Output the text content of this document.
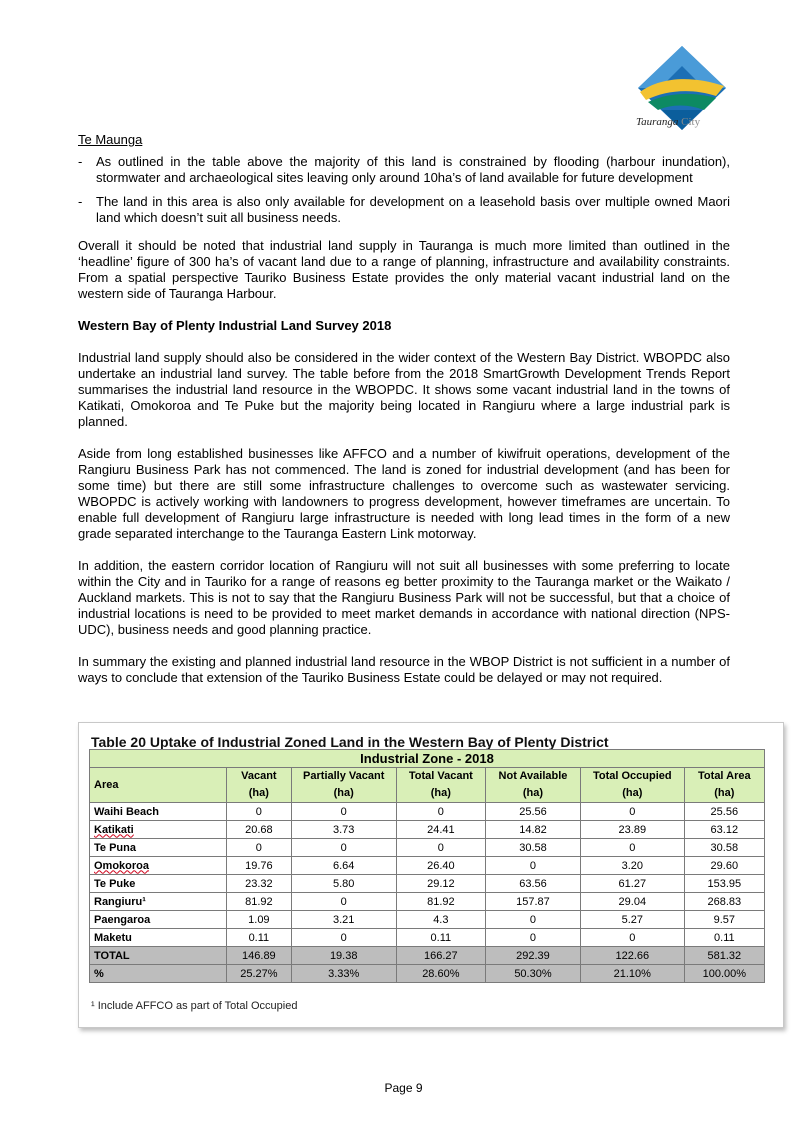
Tauranga City
Te Maunga
- As outlined in the table above the majority of this land is constrained by flooding (harbour inundation), stormwater and archaeological sites leaving only around 10ha’s of land available for future development
- The land in this area is also only available for development on a leasehold basis over multiple owned Maori land which doesn’t suit all business needs.

Overall it should be noted that industrial land supply in Tauranga is much more limited than outlined in the ‘headline’ figure of 300 ha’s of vacant land due to a range of planning, infrastructure and availability constraints. From a spatial perspective Tauriko Business Estate provides the only material vacant industrial land on the western side of Tauranga Harbour.

Western Bay of Plenty Industrial Land Survey 2018

Industrial land supply should also be considered in the wider context of the Western Bay District. WBOPDC also undertake an industrial land survey. The table before from the 2018 SmartGrowth Development Trends Report summarises the industrial land resource in the WBOPDC. It shows some vacant industrial land in the towns of Katikati, Omokoroa and Te Puke but the majority being located in Rangiuru where a large industrial park is planned.

Aside from long established businesses like AFFCO and a number of kiwifruit operations, development of the Rangiuru Business Park has not commenced. The land is zoned for industrial development (and has been for some time) but there are still some infrastructure challenges to overcome such as wastewater servicing. WBOPDC is actively working with landowners to progress development, however timeframes are uncertain. To enable full development of Rangiuru large infrastructure is needed with long lead times in the form of a new grade separated interchange to the Tauranga Eastern Link motorway.

In addition, the eastern corridor location of Rangiuru will not suit all businesses with some preferring to locate within the City and in Tauriko for a range of reasons eg better proximity to the Tauranga market or the Waikato / Auckland markets. This is not to say that the Rangiuru Business Park will not be successful, but that a choice of industrial locations is need to be provided to meet market demands in accordance with national direction (NPS-UDC), business needs and good planning practice.

In summary the existing and planned industrial land resource in the WBOP District is not sufficient in a number of ways to conclude that extension of the Tauriko Business Estate could be delayed or may not required.

Table 20 Uptake of Industrial Zoned Land in the Western Bay of Plenty District
Industrial Zone - 2018						
Area	Vacant (ha)	Partially Vacant (ha)	Total Vacant (ha)	Not Available (ha)	Total Occupied (ha)	Total Area (ha)
Waihi Beach	0	0	0	25.56	0	25.56
Katikati	20.68	3.73	24.41	14.82	23.89	63.12
Te Puna	0	0	0	30.58	0	30.58
Omokoroa	19.76	6.64	26.40	0	3.20	29.60
Te Puke	23.32	5.80	29.12	63.56	61.27	153.95
Rangiuru¹	81.92	0	81.92	157.87	29.04	268.83
Paengaroa	1.09	3.21	4.3	0	5.27	9.57
Maketu	0.11	0	0.11	0	0	0.11
TOTAL	146.89	19.38	166.27	292.39	122.66	581.32
%	25.27%	3.33%	28.60%	50.30%	21.10%	100.00%
¹ Include AFFCO as part of Total Occupied
Page 9
